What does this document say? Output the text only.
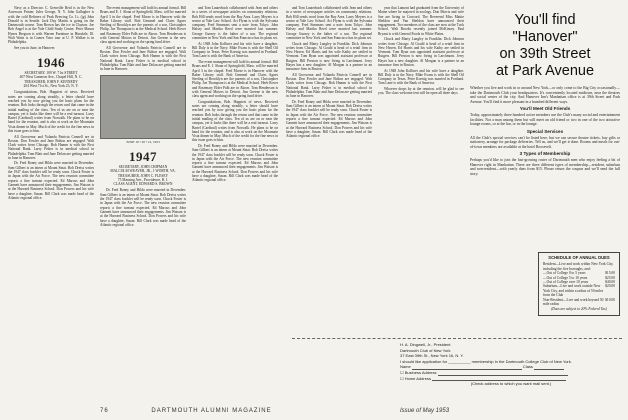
Navy as a Director. C. Grenville Reid is in the New Assessors Printer, Jules George, N. Y. John Gallagher is with the cold Refiners of Peak Brewing Co. Lt. (jg) John Donald is in Seattle. Jack Day Martin is going on the Dartmouth course. Tom Brown has the ice in Clayton. Joe Bob Angel is at the Yale Child Study Center. Peter Mason Hynes Bergson is with Warren Furniture in Hinsdale, Ill. Walt Watts is in Comes Vavo tour at U. P. Walker is in Philadelphia.

See you in June, in Hanover.

1946
SECRETARY, 109 W. 71st STREET
407 West Cameron Ave., Chapel Hill, N. C.
TREASURER, JOHN F. KENNEDY
204 West 71st St., New York 23, N. Y.

Congratulations, Bob. Happiest of news. Received notes are coming along steadily, a letter should have reached you by now giving you the basic plans for the reunion. Bob looks through the return card that came in the initial mailing of the class. Ten of us are on or near the campus, yet it looks like there will be a real turnout. Larry Bartel (Cardinal) writes from Norwalk. He plans to be on hand for the reunion, and is also at work on the Mountain Vista dinner in May. Much of the credit for the fine news in this issue goes to him.

All Grosvenor and Yolanda Patricia Connell are in Boston. Don Fowler and Jane Bolton are engaged. Walt Clark writes from Chicago. Bob Hamm is with the First National Bank. Larry Fisher is in medical school in Philadelphia. Tom Blair and Jane Dolan are getting married in June in Hanover.

Dr. Fred Roney and Hilda were married in December. Sam Gilbert is an intern at Mount Sinai. Bob Dreiss writes the 1947 class booklet will be ready soon. Chuck Foster is in Japan with the Air Force. The new reunion committee reports a fine turnout expected. Ed Marcus and John Gannett have announced their engagements. Jim Watson is at the Harvard Business School. Don Powers and his wife have a daughter, Susan. Bill Clark was made head of the Atlantic regional office.

The event management will hold its annual formal. Bill Bruns and E. J. Sloan of Springfield, Mass. will be married April 3 in the chapel. Fred Morse is in Hanover with the Baker Library staff. Bob Gemmel and Clairs Agnes Sterling of Brooklyn are the parents of a son, Christopher Philip. Joe Thompson is at the Medical School. Herb Rover and Rosemary Elder Palb are in Akron. Tom Henderson is with General Motors in Detroit. Jim Greene is the new class agent and working on the spring fund drive.

All Grosvenor and Yolanda Patricia Connell are in Boston. Don Fowler and Jane Bolton are engaged. Walt Clark writes from Chicago. Bob Hamm is with the First National Bank. Larry Fisher is in medical school in Philadelphia. Tom Blair and Jane Dolan are getting married in June in Hanover.

JUNE 19 • 20 • 21, 1953
1947
SECRETARY, JOHN CHIPMAN
MALCOLM WEAVER, JR., 1 WORTH, VA.
TREASURER, JOHN C. FLESEY
75 Mansing Ave., Providence, R. I.
CLASS AGENT, EDWARD S. BROWN

Dr. Fred Roney and Hilda were married in December. Sam Gilbert is an intern at Mount Sinai. Bob Dreiss writes the 1947 class booklet will be ready soon. Chuck Foster is in Japan with the Air Force. The new reunion committee reports a fine turnout expected. Ed Marcus and John Gannett have announced their engagements. Jim Watson is at the Harvard Business School. Don Powers and his wife have a daughter, Susan. Bill Clark was made head of the Atlantic regional office.

and Tom Lauterbach collaborated with Jean and others in a series of newspaper articles on community relations. Bob Hill sends word from the Bay Area. Larry Meyers is a senior at Yale Law School. Art Flynn is with the Sylvania company. Fred Simmons sent a note from Tokyo. John Halsey and Martha Reed were married last summer. George Gurney is the father of a son. The regional committee in New York and San Francisco has its plans set.

At 1948 John Kolliner and his wife have a daughter. Bill Daly is in the Navy. Mike Evans is with the Shell Oil Company in Texas. Peter Koenig was married in Portland. Tom Lane is with the Bank of America.

The event management will hold its annual formal. Bill Bruns and E. J. Sloan of Springfield, Mass. will be married April 3 in the chapel. Fred Morse is in Hanover with the Baker Library staff. Bob Gemmel and Clairs Agnes Sterling of Brooklyn are the parents of a son, Christopher Philip. Joe Thompson is at the Medical School. Herb Rover and Rosemary Elder Palb are in Akron. Tom Henderson is with General Motors in Detroit. Jim Greene is the new class agent and working on the spring fund drive.

Congratulations, Bob. Happiest of news. Received notes are coming along steadily, a letter should have reached you by now giving you the basic plans for the reunion. Bob looks through the return card that came in the initial mailing of the class. Ten of us are on or near the campus, yet it looks like there will be a real turnout. Larry Bartel (Cardinal) writes from Norwalk. He plans to be on hand for the reunion, and is also at work on the Mountain Vista dinner in May. Much of the credit for the fine news in this issue goes to him.

Dr. Fred Roney and Hilda were married in December. Sam Gilbert is an intern at Mount Sinai. Bob Dreiss writes the 1947 class booklet will be ready soon. Chuck Foster is in Japan with the Air Force. The new reunion committee reports a fine turnout expected. Ed Marcus and John Gannett have announced their engagements. Jim Watson is at the Harvard Business School. Don Powers and his wife have a daughter, Susan. Bill Clark was made head of the Atlantic regional office.

and Tom Lauterbach collaborated with Jean and others in a series of newspaper articles on community relations. Bob Hill sends word from the Bay Area. Larry Meyers is a senior at Yale Law School. Art Flynn is with the Sylvania company. Fred Simmons sent a note from Tokyo. John Halsey and Martha Reed were married last summer. George Gurney is the father of a son. The regional committee in New York and San Francisco has its plans set.

Chuck and Marty Langley in Franklin. Dick Johnson writes from Chicago. Al Gould is head of a retail firm in New Haven. Ed Harris and his wife Kathy are settled in Vermont. Tom Ryan was appointed assistant professor at Rutgers. Bill Preston is now living in Larchmont. Jerry Hayes has a new daughter. Al Morgan is a partner in an insurance firm in Boston.

All Grosvenor and Yolanda Patricia Connell are in Boston. Don Fowler and Jane Bolton are engaged. Walt Clark writes from Chicago. Bob Hamm is with the First National Bank. Larry Fisher is in medical school in Philadelphia. Tom Blair and Jane Dolan are getting married in June in Hanover.

Dr. Fred Roney and Hilda were married in December. Sam Gilbert is an intern at Mount Sinai. Bob Dreiss writes the 1947 class booklet will be ready soon. Chuck Foster is in Japan with the Air Force. The new reunion committee reports a fine turnout expected. Ed Marcus and John Gannett have announced their engagements. Jim Watson is at the Harvard Business School. Don Powers and his wife have a daughter, Susan. Bill Clark was made head of the Atlantic regional office.

year that Lamont had graduated from the University of Maine where he majored in zoology. Don Morris and wife Sue are living in Concord. The Reverend Miss Mattie Sheldon and Van Sheldon have announced their engagement. Two members of the class are now at the Tuck School. Walt Brooks recently joined McKinsey. Paul Bryant is with General Foods in White Plains.

Chuck and Marty Langley in Franklin. Dick Johnson writes from Chicago. Al Gould is head of a retail firm in New Haven. Ed Harris and his wife Kathy are settled in Vermont. Tom Ryan was appointed assistant professor at Rutgers. Bill Preston is now living in Larchmont. Jerry Hayes has a new daughter. Al Morgan is a partner in an insurance firm in Boston.

At 1948 John Kolliner and his wife have a daughter. Bill Daly is in the Navy. Mike Evans is with the Shell Oil Company in Texas. Peter Koenig was married in Portland. Tom Lane is with the Bank of America.

Whoever drops by at the reunion, will be glad to see you. The class welcome tent will be open all three days.

You'll find
"Hanover"
on 39th Street
at Park Avenue

Whether you live and work in or around New York—or only come to the Big City occasionally—take the Dartmouth Club your headquarters. It's conveniently located midtown, near the theatres and social center of the city. And Hanover Inn's Manhattan office is at 39th Street and Park Avenue. You'll find it more pleasant in a hundred different ways.

You'll Meet Old Friends

Today, approximately three hundred active members use the Club's many social and entertainment facilities. Not a man among them but will meet an old friend or two in one of the two attractive lounge rooms, or at the bar, or in the lounge.

Special Services

All the Club's special services can't be listed here, but we can secure theatre tickets, buy gifts or stationery, arrange for package deliveries. Tell us, and we'll get it done. Rooms and meals for out-of-town members are available at the hotel Roosevelt.

3 Types of Membership

Perhaps you'd like to join the fast-growing roster of Dartmouth men who enjoy feeling a bit of Hanover right in Manhattan. There are three different types of membership—resident, suburban and non-resident—with yearly dues from $15. Please return the coupon and we'll send the full story.

SCHEDULE OF ANNUAL DUES
Resident—Live and work within New York City, including the five boroughs, and:
—Out of College 0 to 5 years	$15.00
—Out of College 5 to 10 years	$25.00
—Out of College over 10 years	$40.00
Suburban—Live and work outside New York City, and within a radius of 50 miles from the Club
$20.00
Non-Resident—Live and work beyond 50 mile radius
$10.00
(Dues are subject to 20% Federal Tax)
H. A. Dingwell, Jr., President
Dartmouth Club of New York
37 East 39th St., New York 16, N. Y.
I should like application for __________ membership in the Dartmouth College Club of New York.
Name	Class
☐ Business Address
☐ Home Address
(Check address to which you want mail sent.)
76	DARTMOUTH ALUMNI MAGAZINE	Issue of May 1953
